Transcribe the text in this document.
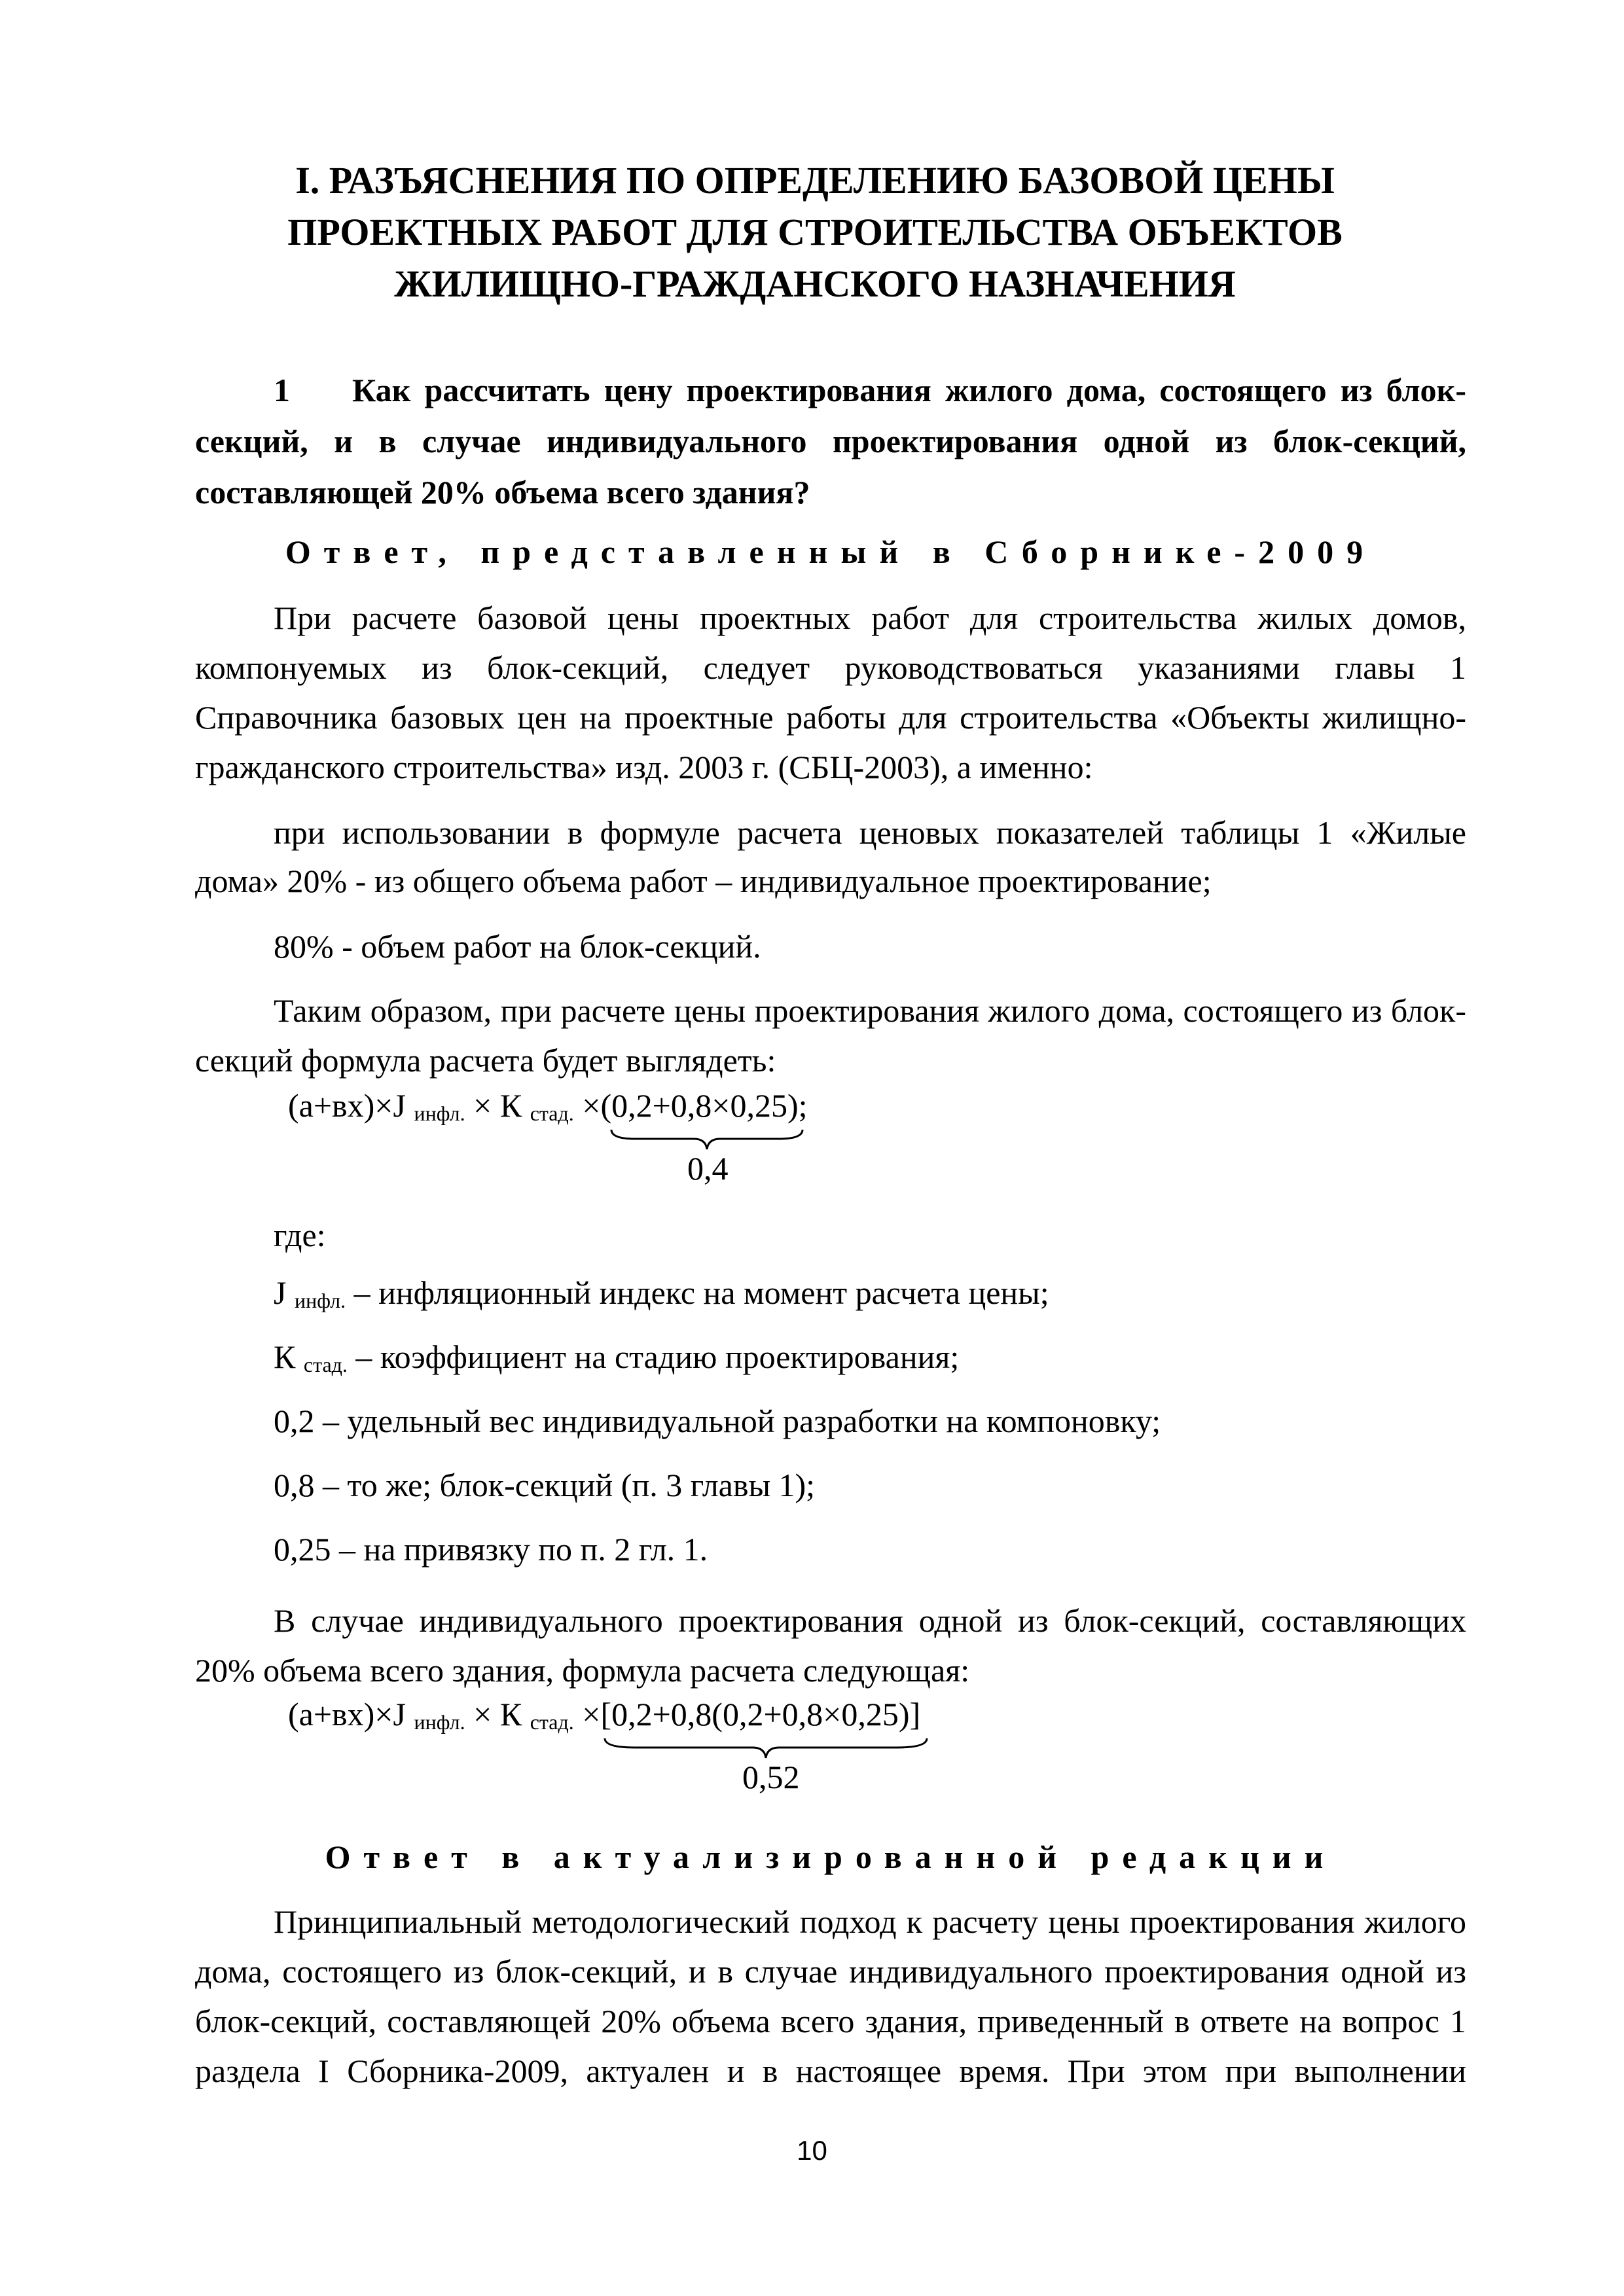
I. РАЗЪЯСНЕНИЯ ПО ОПРЕДЕЛЕНИЮ БАЗОВОЙ ЦЕНЫ
ПРОЕКТНЫХ РАБОТ ДЛЯ СТРОИТЕЛЬСТВА ОБЪЕКТОВ
ЖИЛИЩНО-ГРАЖДАНСКОГО НАЗНАЧЕНИЯ
1 Как рассчитать цену проектирования жилого дома, состоящего из блок-
секций, и в случае индивидуального проектирования одной из блок-секций,
составляющей 20% объема всего здания?
Ответ, представленный в Сборнике-2009
При расчете базовой цены проектных работ для строительства жилых домов,
компонуемых из блок-секций, следует руководствоваться указаниями главы 1
Справочника базовых цен на проектные работы для строительства «Объекты жилищно-
гражданского строительства» изд. 2003 г. (СБЦ-2003), а именно:
при использовании в формуле расчета ценовых показателей таблицы 1 «Жилые
дома» 20% - из общего объема работ – индивидуальное проектирование;
80% - объем работ на блок-секций.
Таким образом, при расчете цены проектирования жилого дома, состоящего из блок-
секций формула расчета будет выглядеть:
(а+вх)×J $_{инфл.}$ × К $_{стад.}$ ×(0,2+0,8×0,25);
0,4
где:
J $_{инфл.}$ – инфляционный индекс на момент расчета цены;
К $_{стад.}$ – коэффициент на стадию проектирования;
0,2 – удельный вес индивидуальной разработки на компоновку;
0,8 – то же; блок-секций (п. 3 главы 1);
0,25 – на привязку по п. 2 гл. 1.
В случае индивидуального проектирования одной из блок-секций, составляющих
20% объема всего здания, формула расчета следующая:
(а+вх)×J $_{инфл.}$ × К $_{стад.}$ ×[0,2+0,8(0,2+0,8×0,25)]
0,52
Ответ в актуализированной редакции
Принципиальный методологический подход к расчету цены проектирования жилого
дома, состоящего из блок-секций, и в случае индивидуального проектирования одной из
блок-секций, составляющей 20% объема всего здания, приведенный в ответе на вопрос 1
раздела I Сборника-2009, актуален и в настоящее время. При этом при выполнении
10
